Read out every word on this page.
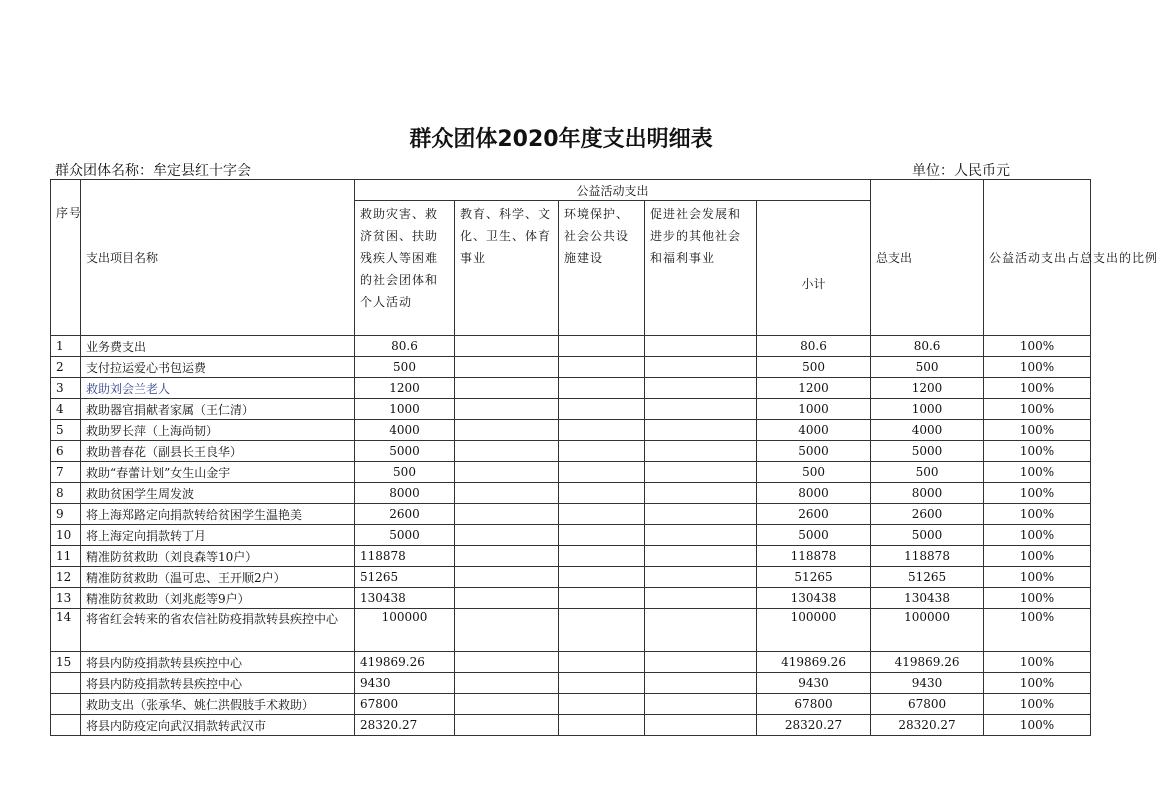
群众团体2020年度支出明细表
群众团体名称：牟定县红十字会	单位：人民币元
序号	支出项目名称	公益活动支出					总支出	公益活动支出占总支出的比例
		救助灾害、救济贫困、扶助残疾人等困难的社会团体和个人活动	教育、科学、文化、卫生、体育事业	环境保护、社会公共设施建设	促进社会发展和进步的其他社会和福利事业	小计		
1	业务费支出	80.6				80.6	80.6	100%
2	支付拉运爱心书包运费	500				500	500	100%
3	救助刘会兰老人	1200				1200	1200	100%
4	救助器官捐献者家属（王仁清）	1000				1000	1000	100%
5	救助罗长萍（上海尚韧）	4000				4000	4000	100%
6	救助普春花（副县长王良华）	5000				5000	5000	100%
7	救助“春蕾计划”女生山金宇	500				500	500	100%
8	救助贫困学生周发波	8000				8000	8000	100%
9	将上海郑路定向捐款转给贫困学生温艳美	2600				2600	2600	100%
10	将上海定向捐款转丁月	5000				5000	5000	100%
11	精准防贫救助（刘良森等10户）	118878				118878	118878	100%
12	精准防贫救助（温可忠、王开顺2户）	51265				51265	51265	100%
13	精准防贫救助（刘兆彪等9户）	130438				130438	130438	100%
14	将省红会转来的省农信社防疫捐款转县疾控中心	100000				100000	100000	100%
15	将县内防疫捐款转县疾控中心	419869.26				419869.26	419869.26	100%
	将县内防疫捐款转县疾控中心	9430				9430	9430	100%
	救助支出（张承华、姚仁洪假肢手术救助）	67800				67800	67800	100%
	将县内防疫定向武汉捐款转武汉市	28320.27				28320.27	28320.27	100%
